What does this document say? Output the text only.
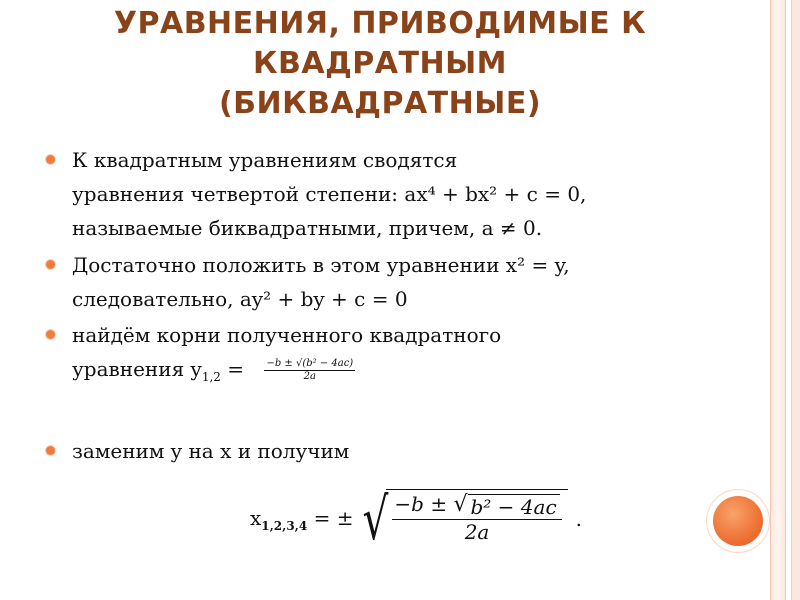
УРАВНЕНИЯ, ПРИВОДИМЫЕ К
КВАДРАТНЫМ
(БИКВАДРАТНЫЕ)
К квадратным уравнениям сводятся
уравнения четвертой степени: ax⁴ + bx² + c = 0,
называемые биквадратными, причем, a ≠ 0.
Достаточно положить в этом уравнении x² = y,
следовательно, ay² + by + c = 0
найдём корни полученного квадратного
уравнения $y_{1,2} = \frac{\text{−b ± √(b² − 4ac)}}{2a}$
заменим y на x и получим
$x_{1,2,3,4}$ = ± √ $\frac{\text{−b ± √ b² − 4ac}}{2a}$ .
